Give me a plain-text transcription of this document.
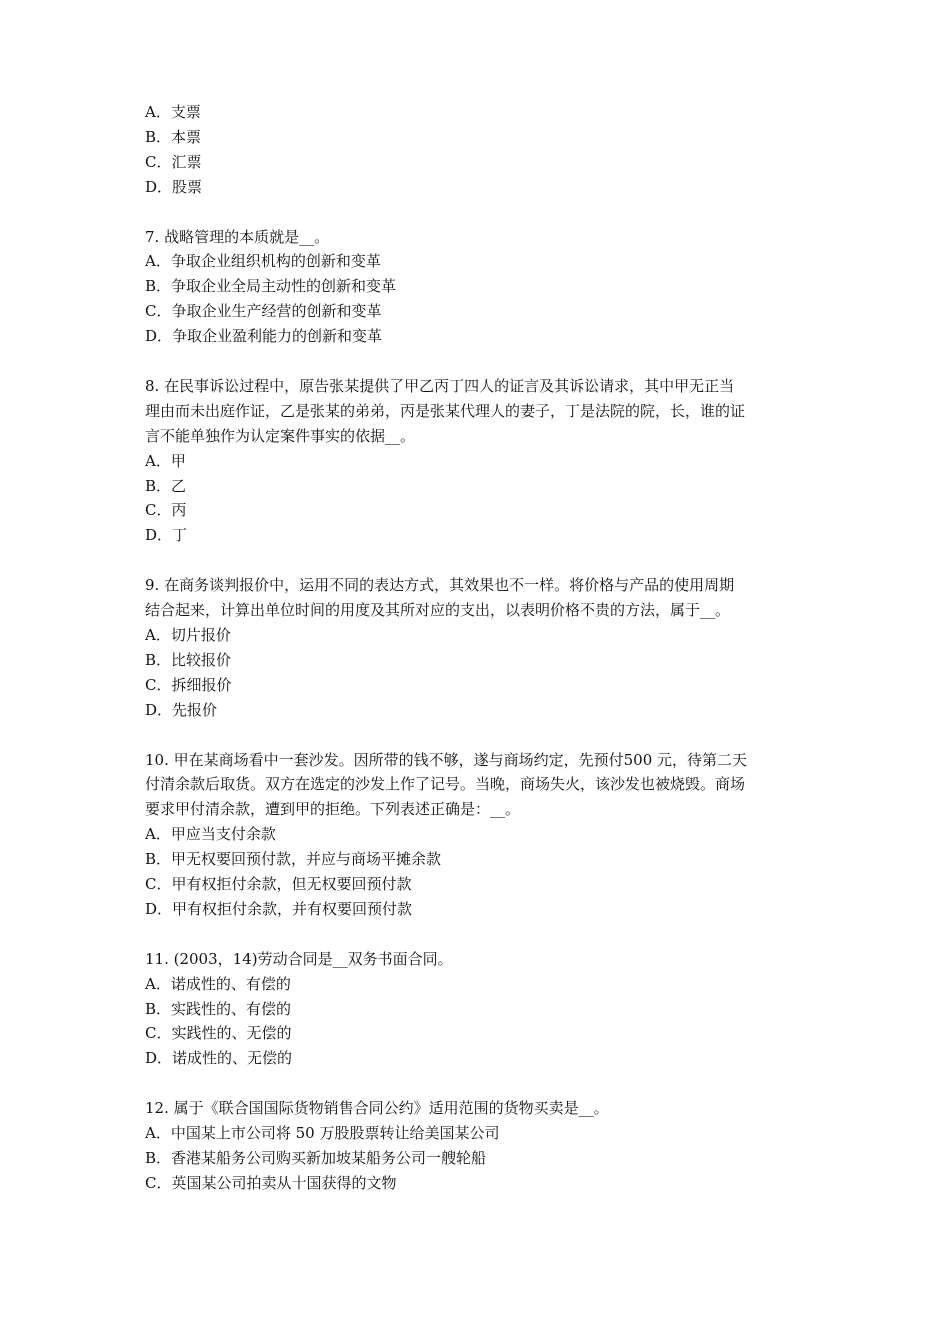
A．支票
B．本票
C．汇票
D．股票
7. 战略管理的本质就是__。
A．争取企业组织机构的创新和变革
B．争取企业全局主动性的创新和变革
C．争取企业生产经营的创新和变革
D．争取企业盈利能力的创新和变革
8. 在民事诉讼过程中，原告张某提供了甲乙丙丁四人的证言及其诉讼请求，其中甲无正当
理由而未出庭作证，乙是张某的弟弟，丙是张某代理人的妻子，丁是法院的院，长，谁的证
言不能单独作为认定案件事实的依据__。
A．甲
B．乙
C．丙
D．丁
9. 在商务谈判报价中，运用不同的表达方式，其效果也不一样。将价格与产品的使用周期
结合起来，计算出单位时间的用度及其所对应的支出，以表明价格不贵的方法，属于__。
A．切片报价
B．比较报价
C．拆细报价
D．先报价
10. 甲在某商场看中一套沙发。因所带的钱不够，遂与商场约定，先预付500 元，待第二天
付清余款后取货。双方在选定的沙发上作了记号。当晚，商场失火，该沙发也被烧毁。商场
要求甲付清余款，遭到甲的拒绝。下列表述正确是：__。
A．甲应当支付余款
B．甲无权要回预付款，并应与商场平摊余款
C．甲有权拒付余款，但无权要回预付款
D．甲有权拒付余款，并有权要回预付款
11. (2003，14)劳动合同是__双务书面合同。
A．诺成性的、有偿的
B．实践性的、有偿的
C．实践性的、无偿的
D．诺成性的、无偿的
12. 属于《联合国国际货物销售合同公约》适用范围的货物买卖是__。
A．中国某上市公司将 50 万股股票转让给美国某公司
B．香港某船务公司购买新加坡某船务公司一艘轮船
C．英国某公司拍卖从十国获得的文物
